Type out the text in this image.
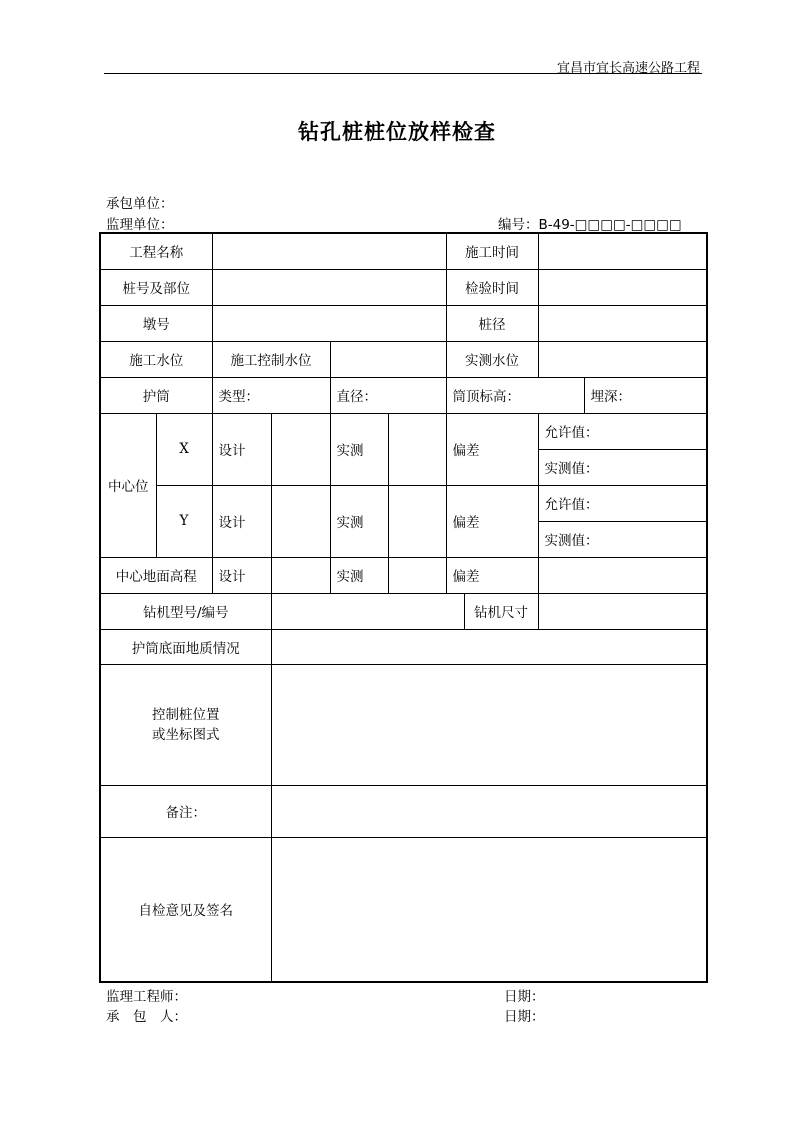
宜昌市宜长高速公路工程
钻孔桩桩位放样检查
承包单位：
监理单位：	编号：B-49-□□□□-□□□□
工程名称						施工时间			
桩号及部位						检验时间			
墩号						桩径			
施工水位		施工控制水位				实测水位			
护筒		类型：		直径：		筒顶标高：			埋深：
中心位	X	设计		实测		偏差		允许值：	
								实测值：	
	Y	设计		实测		偏差		允许值：	
								实测值：	
中心地面高程		设计		实测		偏差			
钻机型号/编号							钻机尺寸		
护筒底面地质情况									

控制桩位置
或坐标图式									

备注：									
自检意见及签名									
监理工程师：	日期：
承　包　人：	日期：
